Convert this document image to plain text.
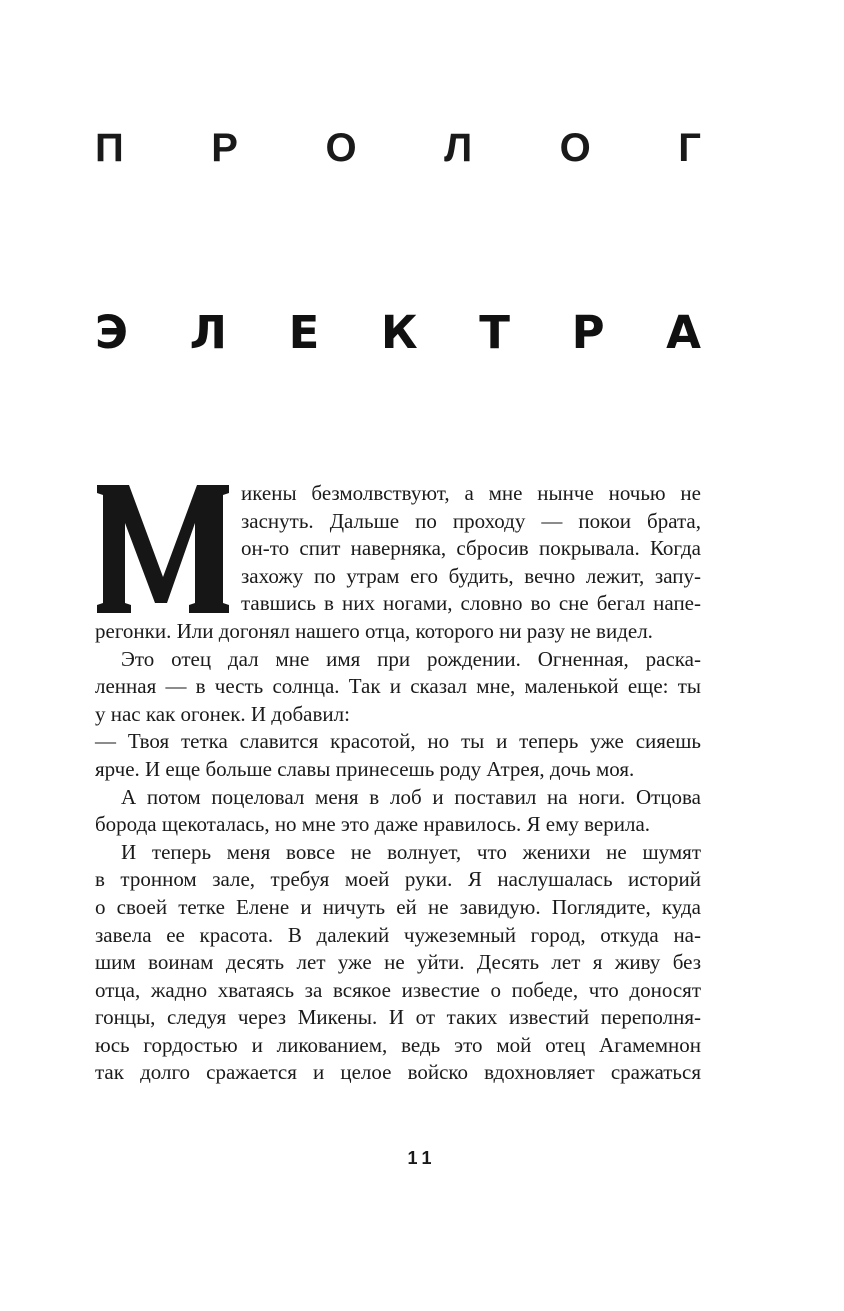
П Р О Л О Г
Э Л Е К Т Р А
икены безмолвствуют, а мне нынче ночью не
заснуть. Дальше по проходу — покои брата,
он-то спит наверняка, сбросив покрывала. Когда
захожу по утрам его будить, вечно лежит, запу-
тавшись в них ногами, словно во сне бегал напе-
регонки. Или догонял нашего отца, которого ни разу не видел.
Это отец дал мне имя при рождении. Огненная, раска-
ленная — в честь солнца. Так и сказал мне, маленькой еще: ты
у нас как огонек. И добавил:
— Твоя тетка славится красотой, но ты и теперь уже сияешь
ярче. И еще больше славы принесешь роду Атрея, дочь моя.
А потом поцеловал меня в лоб и поставил на ноги. Отцова
борода щекоталась, но мне это даже нравилось. Я ему верила.
И теперь меня вовсе не волнует, что женихи не шумят
в тронном зале, требуя моей руки. Я наслушалась историй
о своей тетке Елене и ничуть ей не завидую. Поглядите, куда
завела ее красота. В далекий чужеземный город, откуда на-
шим воинам десять лет уже не уйти. Десять лет я живу без
отца, жадно хватаясь за всякое известие о победе, что доносят
гонцы, следуя через Микены. И от таких известий переполня-
юсь гордостью и ликованием, ведь это мой отец Агамемнон
так долго сражается и целое войско вдохновляет сражаться
11
